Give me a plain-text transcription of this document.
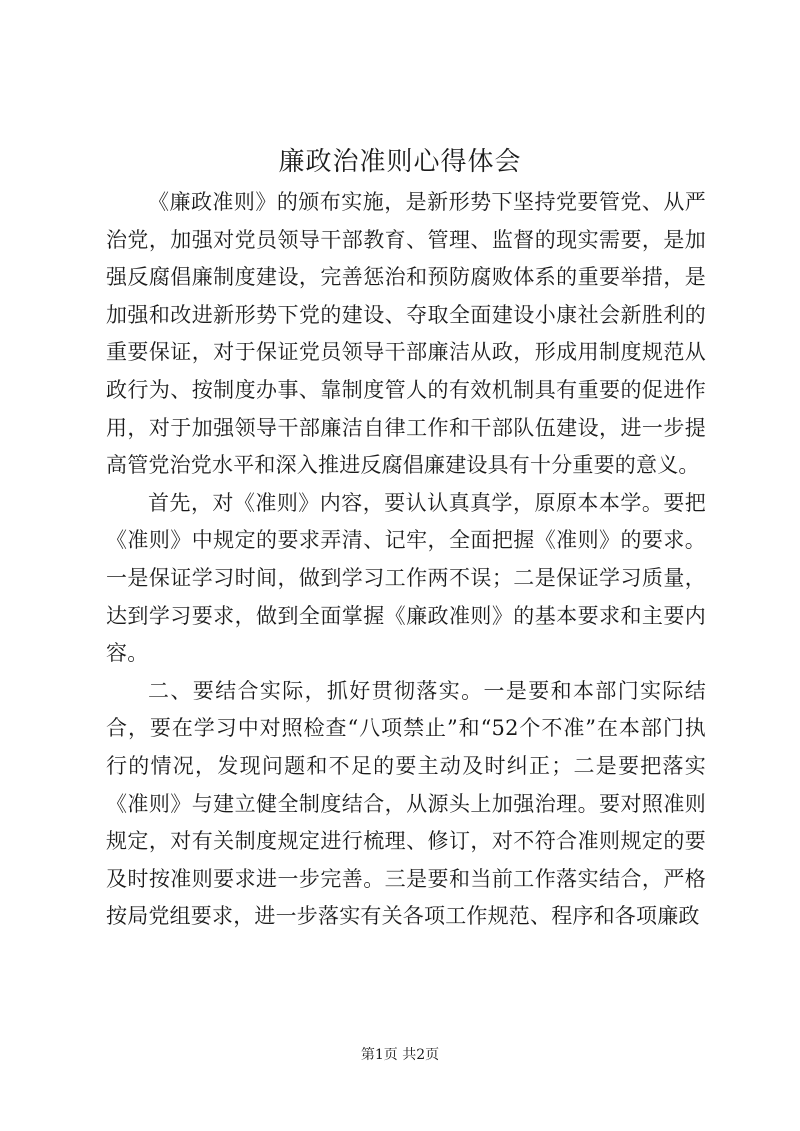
廉政治准则心得体会

《廉政准则》的颁布实施，是新形势下坚持党要管党、从严治党，加强对党员领导干部教育、管理、监督的现实需要，是加强反腐倡廉制度建设，完善惩治和预防腐败体系的重要举措，是加强和改进新形势下党的建设、夺取全面建设小康社会新胜利的重要保证，对于保证党员领导干部廉洁从政，形成用制度规范从政行为、按制度办事、靠制度管人的有效机制具有重要的促进作用，对于加强领导干部廉洁自律工作和干部队伍建设，进一步提高管党治党水平和深入推进反腐倡廉建设具有十分重要的意义。

首先，对《准则》内容，要认认真真学，原原本本学。要把《准则》中规定的要求弄清、记牢，全面把握《准则》的要求。一是保证学习时间，做到学习工作两不误；二是保证学习质量，达到学习要求，做到全面掌握《廉政准则》的基本要求和主要内容。

二、要结合实际，抓好贯彻落实。一是要和本部门实际结合，要在学习中对照检查“八项禁止”和“52个不准”在本部门执行的情况，发现问题和不足的要主动及时纠正；二是要把落实《准则》与建立健全制度结合，从源头上加强治理。要对照准则规定，对有关制度规定进行梳理、修订，对不符合准则规定的要及时按准则要求进一步完善。三是要和当前工作落实结合，严格按局党组要求，进一步落实有关各项工作规范、程序和各项廉政

第1页 共2页
